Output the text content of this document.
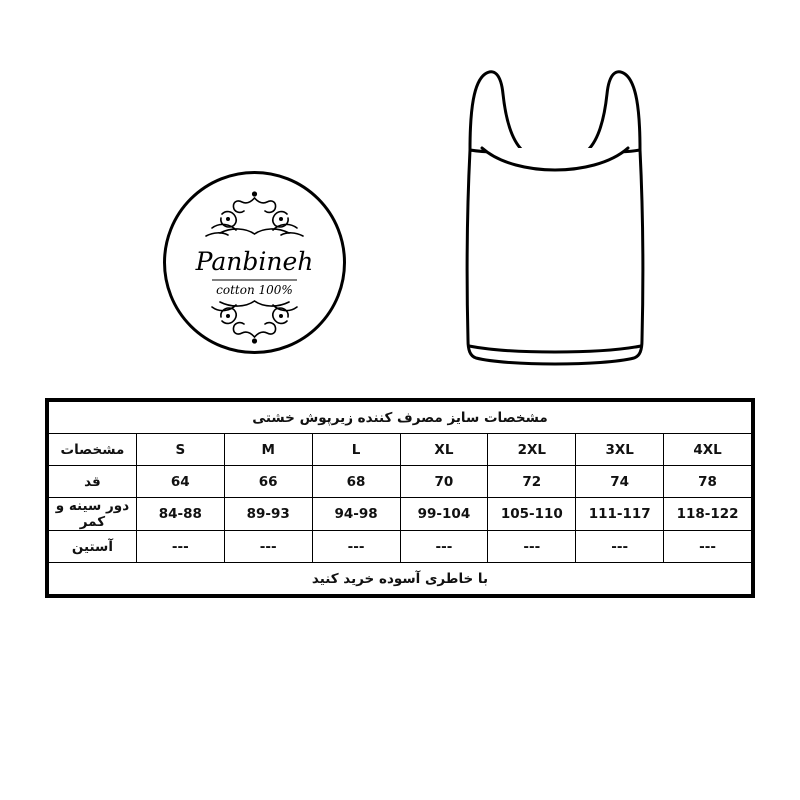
Panbineh
100% cotton
مشخصات سایز مصرف کننده زیرپوش خشتی							
4XL	3XL	2XL	XL	L	M	S	مشخصات
78	74	72	70	68	66	64	قد
118-122	111-117	105-110	99-104	94-98	89-93	84-88	دور سینه و کمر
---	---	---	---	---	---	---	آستین
با خاطری آسوده خرید کنید							
